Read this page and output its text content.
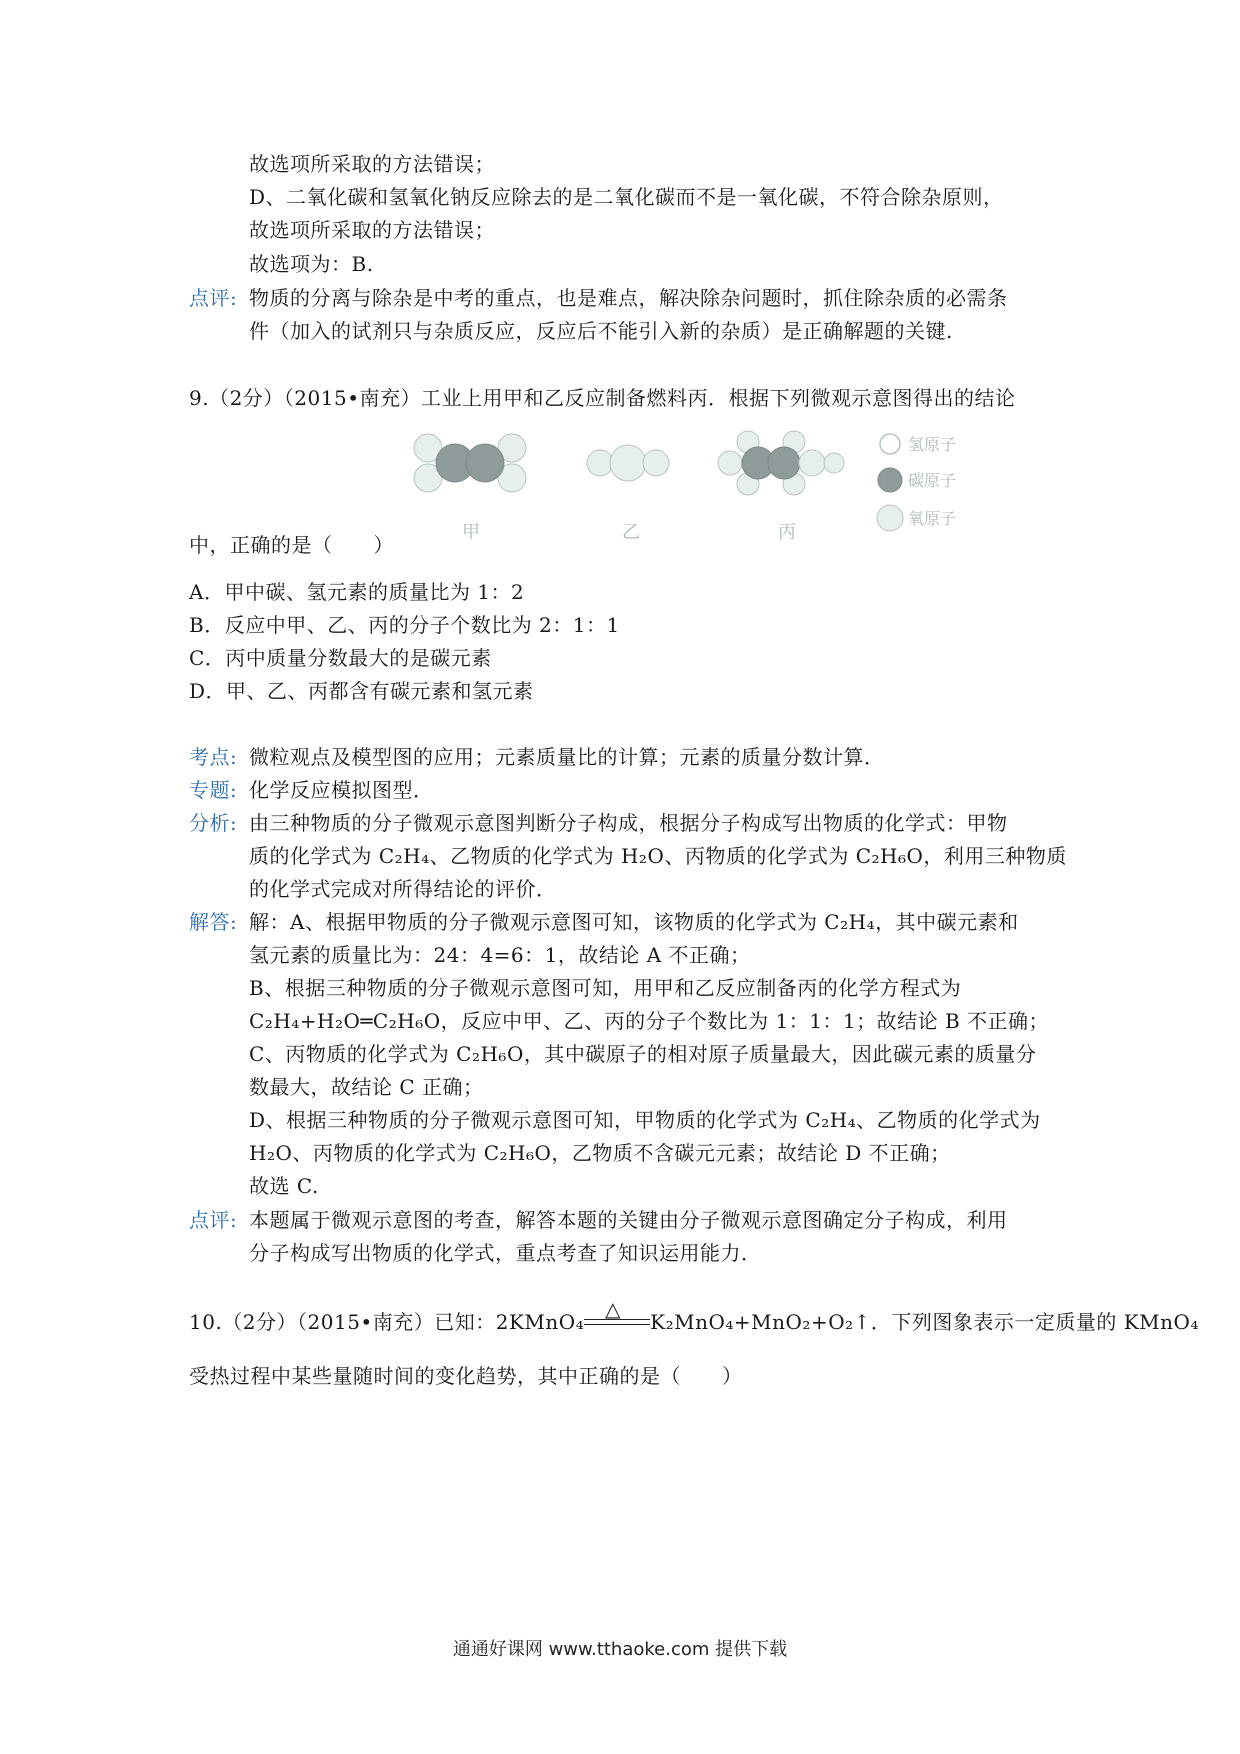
故选项所采取的方法错误；
D、二氧化碳和氢氧化钠反应除去的是二氧化碳而不是一氧化碳，不符合除杂原则，
故选项所采取的方法错误；
故选项为：B.
点评: 物质的分离与除杂是中考的重点，也是难点，解决除杂问题时，抓住除杂质的必需条
件（加入的试剂只与杂质反应，反应后不能引入新的杂质）是正确解题的关键.
9.（2分）（2015•南充）工业上用甲和乙反应制备燃料丙．根据下列微观示意图得出的结论
氢原子
碳原子
氧原子
甲	乙	丙
中，正确的是（　　）
A．甲中碳、氢元素的质量比为 1：2
B．反应中甲、乙、丙的分子个数比为 2：1：1
C．丙中质量分数最大的是碳元素
D．甲、乙、丙都含有碳元素和氢元素
考点: 微粒观点及模型图的应用；元素质量比的计算；元素的质量分数计算．
专题: 化学反应模拟图型．
分析: 由三种物质的分子微观示意图判断分子构成，根据分子构成写出物质的化学式：甲物
质的化学式为 C₂H₄、乙物质的化学式为 H₂O、丙物质的化学式为 C₂H₆O，利用三种物质
的化学式完成对所得结论的评价．
解答: 解：A、根据甲物质的分子微观示意图可知，该物质的化学式为 C₂H₄，其中碳元素和
氢元素的质量比为：24：4=6：1，故结论 A 不正确；
B、根据三种物质的分子微观示意图可知，用甲和乙反应制备丙的化学方程式为
C₂H₄+H₂O═C₂H₆O，反应中甲、乙、丙的分子个数比为 1：1：1；故结论 B 不正确；
C、丙物质的化学式为 C₂H₆O，其中碳原子的相对原子质量最大，因此碳元素的质量分
数最大，故结论 C 正确；
D、根据三种物质的分子微观示意图可知，甲物质的化学式为 C₂H₄、乙物质的化学式为
H₂O、丙物质的化学式为 C₂H₆O，乙物质不含碳元元素；故结论 D 不正确；
故选 C.
点评: 本题属于微观示意图的考查，解答本题的关键由分子微观示意图确定分子构成，利用
分子构成写出物质的化学式，重点考查了知识运用能力．
10.（2分）（2015•南充）已知：2KMnO₄
△
K₂MnO₄+MnO₂+O₂↑．下列图象表示一定质量的 KMnO₄
受热过程中某些量随时间的变化趋势，其中正确的是（　　）
通通好课网 www.tthaoke.com 提供下载
